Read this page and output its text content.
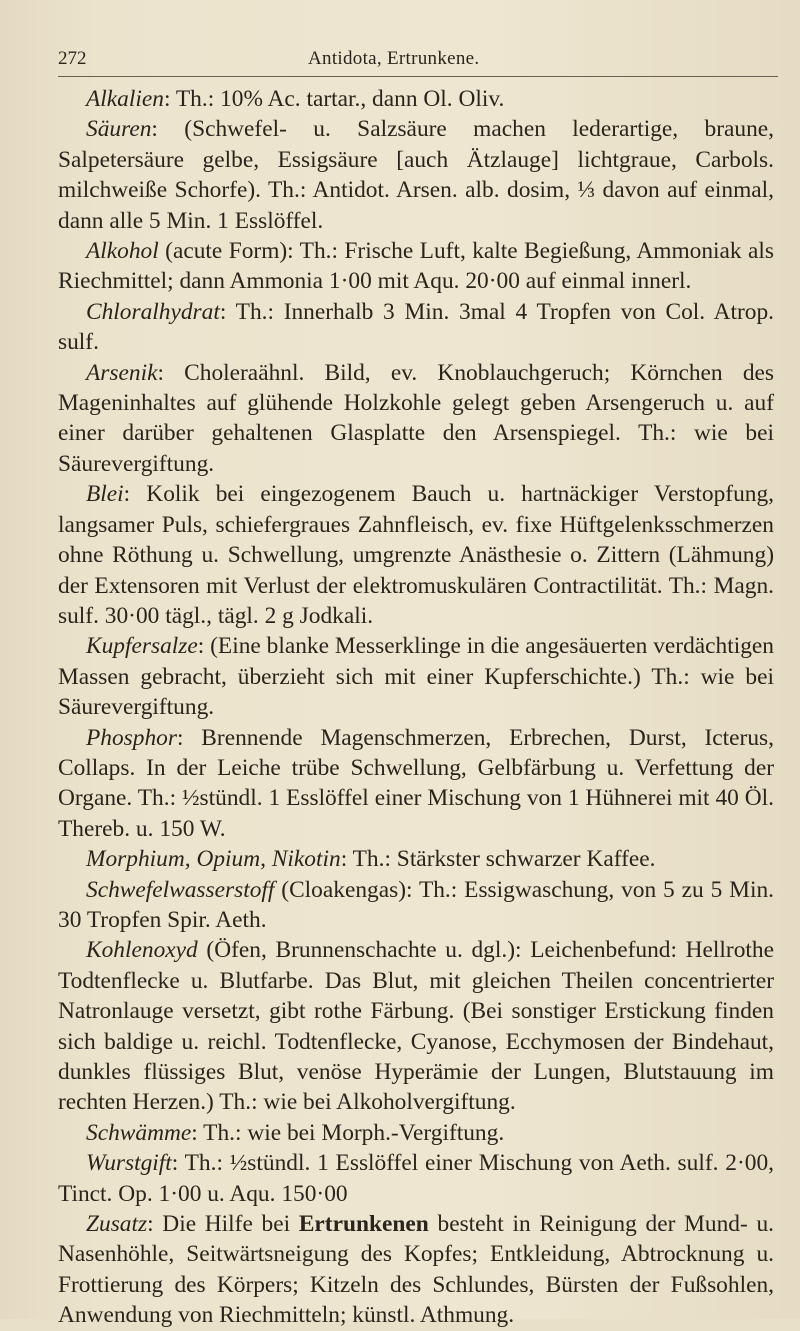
272	Antidota, Ertrunkene.

Alkalien: Th.: 10% Ac. tartar., dann Ol. Oliv.

Säuren: (Schwefel- u. Salzsäure machen lederartige, braune, Salpetersäure gelbe, Essigsäure [auch Ätzlauge] lichtgraue, Carbols. milchweiße Schorfe). Th.: Antidot. Arsen. alb. dosim, ⅓ davon auf einmal, dann alle 5 Min. 1 Esslöffel.

Alkohol (acute Form): Th.: Frische Luft, kalte Begießung, Ammoniak als Riechmittel; dann Ammonia 1·00 mit Aqu. 20·00 auf einmal innerl.

Chloralhydrat: Th.: Innerhalb 3 Min. 3mal 4 Tropfen von Col. Atrop. sulf.

Arsenik: Choleraähnl. Bild, ev. Knoblauchgeruch; Körnchen des Mageninhaltes auf glühende Holzkohle gelegt geben Arsengeruch u. auf einer darüber gehaltenen Glasplatte den Arsenspiegel. Th.: wie bei Säurevergiftung.

Blei: Kolik bei eingezogenem Bauch u. hartnäckiger Verstopfung, langsamer Puls, schiefergraues Zahnfleisch, ev. fixe Hüftgelenksschmerzen ohne Röthung u. Schwellung, umgrenzte Anästhesie o. Zittern (Lähmung) der Extensoren mit Verlust der elektromuskulären Contractilität. Th.: Magn. sulf. 30·00 tägl., tägl. 2 g Jodkali.

Kupfersalze: (Eine blanke Messerklinge in die angesäuerten verdächtigen Massen gebracht, überzieht sich mit einer Kupferschichte.) Th.: wie bei Säurevergiftung.

Phosphor: Brennende Magenschmerzen, Erbrechen, Durst, Icterus, Collaps. In der Leiche trübe Schwellung, Gelbfärbung u. Verfettung der Organe. Th.: ½stündl. 1 Esslöffel einer Mischung von 1 Hühnerei mit 40 Öl. Thereb. u. 150 W.

Morphium, Opium, Nikotin: Th.: Stärkster schwarzer Kaffee.

Schwefelwasserstoff (Cloakengas): Th.: Essigwaschung, von 5 zu 5 Min. 30 Tropfen Spir. Aeth.

Kohlenoxyd (Öfen, Brunnenschachte u. dgl.): Leichenbefund: Hellrothe Todtenflecke u. Blutfarbe. Das Blut, mit gleichen Theilen concentrierter Natronlauge versetzt, gibt rothe Färbung. (Bei sonstiger Erstickung finden sich baldige u. reichl. Todtenflecke, Cyanose, Ecchymosen der Bindehaut, dunkles flüssiges Blut, venöse Hyperämie der Lungen, Blutstauung im rechten Herzen.) Th.: wie bei Alkoholvergiftung.

Schwämme: Th.: wie bei Morph.-Vergiftung.

Wurstgift: Th.: ½stündl. 1 Esslöffel einer Mischung von Aeth. sulf. 2·00, Tinct. Op. 1·00 u. Aqu. 150·00

Zusatz: Die Hilfe bei Ertrunkenen besteht in Reinigung der Mund- u. Nasenhöhle, Seitwärtsneigung des Kopfes; Entkleidung, Abtrocknung u. Frottierung des Körpers; Kitzeln des Schlundes, Bürsten der Fußsohlen, Anwendung von Riechmitteln; künstl. Athmung.
